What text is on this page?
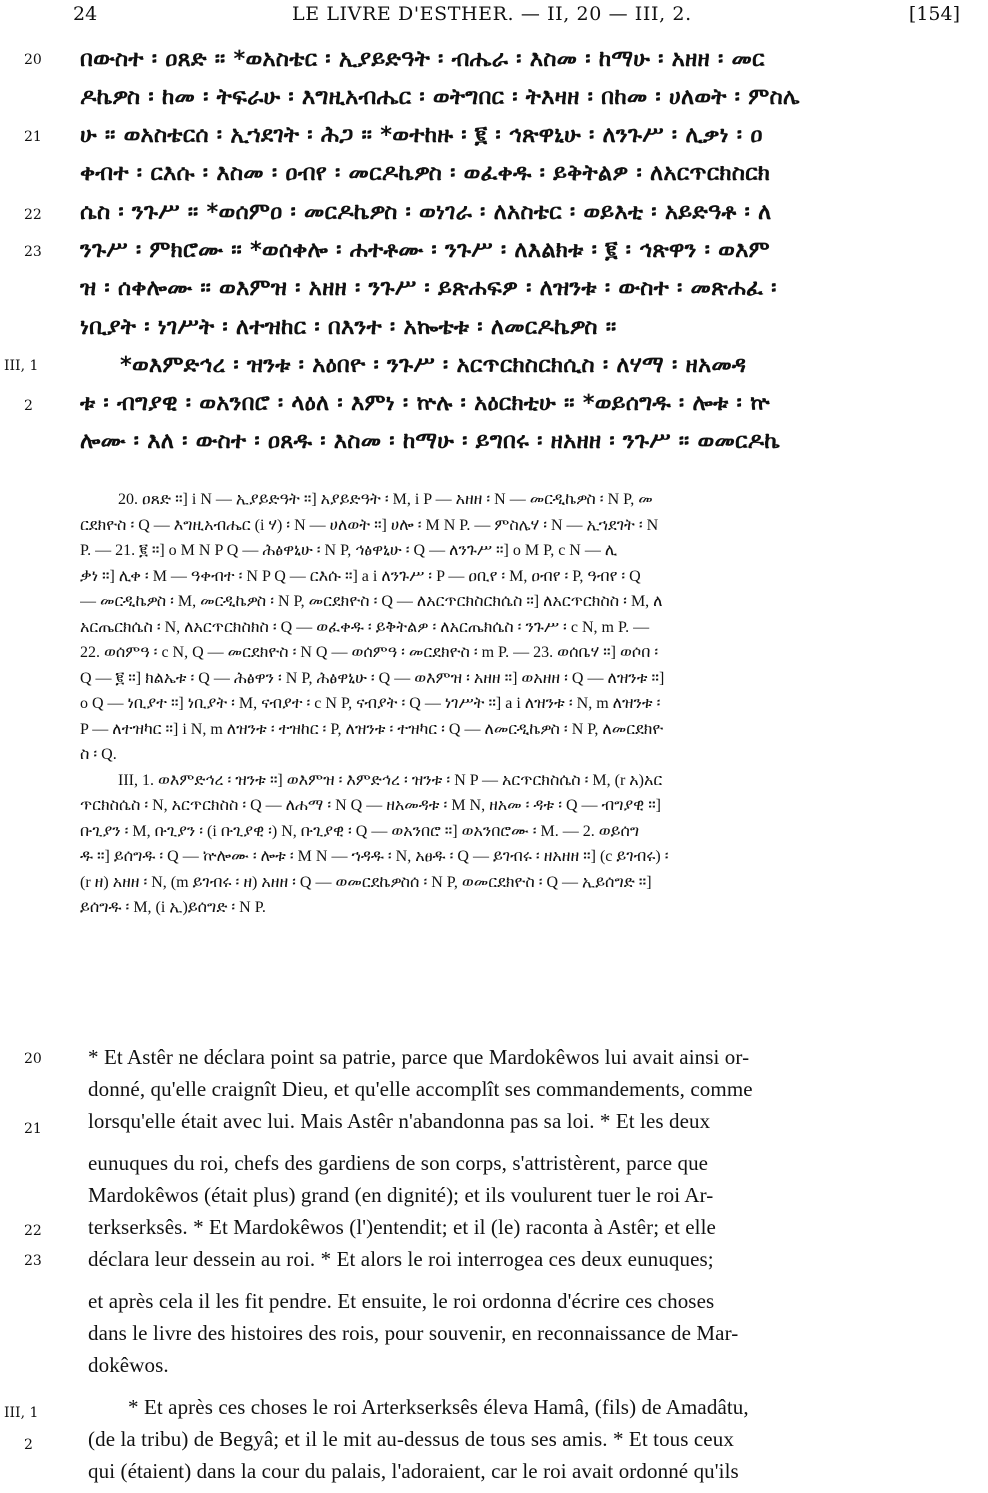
24	LE LIVRE D'ESTHER. — II, 20 — III, 2.	[154]
20
21
22
23
III, 1
2
በውስተ ፡ ዐጸድ ። *ወአስቴር ፡ ኢያይድዓት ፡ ብሔራ ፡ እስመ ፡ ከማሁ ፡ አዘዘ ፡ መር
ዶኬዎስ ፡ ከመ ፡ ትፍራሁ ፡ እግዚአብሔር ፡ ወትግበር ፡ ትእዛዘ ፡ በከመ ፡ ሀለወት ፡ ምስሌ
ሁ ። ወአስቴርሰ ፡ ኢኀደገት ፡ ሕጋ ። *ወተከዙ ፡ ፪ ፡ ኅጽዋኒሁ ፡ ለንጉሥ ፡ ሊቃነ ፡ ዐ
ቀብተ ፡ ርእሱ ፡ እስመ ፡ ዐብየ ፡ መርዶኬዎስ ፡ ወፈቀዱ ፡ ይቅትልዎ ፡ ለአርጥርክስርክ
ሴስ ፡ ንጉሥ ። *ወሰምዐ ፡ መርዶኬዎስ ፡ ወነገራ ፡ ለአስቴር ፡ ወይእቲ ፡ አይድዓቶ ፡ ለ
ንጉሥ ፡ ምክሮሙ ። *ወሰቀሎ ፡ ሐተቶሙ ፡ ንጉሥ ፡ ለእልክቱ ፡ ፪ ፡ ኅጽዋን ፡ ወእም
ዝ ፡ ሰቀሎሙ ። ወእምዝ ፡ አዘዘ ፡ ንጉሥ ፡ ይጽሐፍዎ ፡ ለዝንቱ ፡ ውስተ ፡ መጽሐፈ ፡
ነቢያት ፡ ነገሥት ፡ ለተዝከር ፡ በእንተ ፡ አኰቴቱ ፡ ለመርዶኬዎስ ።
*ወእምድኅረ ፡ ዝንቱ ፡ አዕበዮ ፡ ንጉሥ ፡ አርጥርክስርክሲስ ፡ ለሃማ ፡ ዘአመዳ
ቱ ፡ ብግያዊ ፡ ወአንበሮ ፡ ላዕለ ፡ እምነ ፡ ኵሉ ፡ አዕርክቲሁ ። *ወይሰግዱ ፡ ሎቱ ፡ ኵ
ሎሙ ፡ እለ ፡ ውስተ ፡ ዐጸዱ ፡ እስመ ፡ ከማሁ ፡ ይግበሩ ፡ ዘአዘዘ ፡ ንጉሥ ። ወመርዶኬ

20. ዐጸድ ።] i N — ኢያይድዓት ።] አያይድዓት ፡ M, i P — አዘዘ ፡ N — መርዲኬዎስ ፡ N P, መ

ርደክዮስ ፡ Q — እግዚአብሔር (i ሃ) ፡ N — ሀለወት ።] ሀሎ ፡ M N P. — ምስሌሃ ፡ N — ኢኀደገት ፡ N

P. — 21. ፪ ።] o M N P Q — ሕፅዋኒሁ ፡ N P, ኅፅዋኒሁ ፡ Q — ለንጉሥ ።] o M P, c N — ሊ

ቃነ ።] ሊቀ ፡ M — ዓቀብተ ፡ N P Q — ርእሱ ።] a i ለንጉሥ ፡ P — ዐቢየ ፡ M, ዐብየ ፡ P, ዓብየ ፡ Q

— መርዲኬዎስ ፡ M, መርዲኬዎስ ፡ N P, መርደክዮስ ፡ Q — ለአርጥርክስርክሴስ ።] ለአርጥርክስስ ፡ M, ለ

አርጤርክሴስ ፡ N, ለአርጥርክስክስ ፡ Q — ወፈቀዱ ፡ ይቅትልዎ ፡ ለአርጤክሴስ ፡ ንጉሥ ፡ c N, m P. —

22. ወሰምዓ ፡ c N, Q — መርደክዮስ ፡ N Q — ወሰምዓ ፡ መርደክዮስ ፡ m P. — 23. ወሰቤሃ ።] ወሶበ ፡

Q — ፪ ።] ክልኤቱ ፡ Q — ሕፅዋን ፡ N P, ሕፅዋኒሁ ፡ Q — ወእምዝ ፡ አዘዘ ።] ወአዘዘ ፡ Q — ለዝንቱ ።]

o Q — ነቢያተ ።] ነቢያት ፡ M, ናብያተ ፡ c N P, ናብያት ፡ Q — ነገሥት ።] a i ለዝንቱ ፡ N, m ለዝንቱ ፡

P — ለተዝካር ።] i N, m ለዝንቱ ፡ ተዝከር ፡ P, ለዝንቱ ፡ ተዝካር ፡ Q — ለመርዲኬዎስ ፡ N P, ለመርደክዮ

ስ ፡ Q.

III, 1. ወእምድኅረ ፡ ዝንቱ ።] ወእምዝ ፡ እምድኅረ ፡ ዝንቱ ፡ N P — አርጥርክስሴስ ፡ M, (r አ)አር

ጥርክስሴስ ፡ N, አርጥርክስስ ፡ Q — ለሐማ ፡ N Q — ዘአመዳቱ ፡ M N, ዘአመ ፡ ዳቱ ፡ Q — ብግያዊ ።]

ቡጊያን ፡ M, ቡጊያን ፡ (i ቡጊያዊ ፡) N, ቡጊያዊ ፡ Q — ወአንበሮ ።] ወአንበሮሙ ፡ M. — 2. ወይሰግ

ዱ ።] ይሰግዱ ፡ Q — ኵሎሙ ፡ ሎቱ ፡ M N — ኀዳዱ ፡ N, አፀዱ ፡ Q — ይገብሩ ፡ ዘአዘዘ ።] (c ይገብሩ) ፡

(r ዘ) አዘዘ ፡ N, (m ይገብሩ ፡ ዘ) አዘዘ ፡ Q — ወመርደኬዎስሰ ፡ N P, ወመርደክዮስ ፡ Q — ኢይሰግድ ።]

ይሰግዱ ፡ M, (i ኢ)ይሰግድ ፡ N P.

20
21
22
23
III, 1
2
* Et Astêr ne déclara point sa patrie, parce que Mardokêwos lui avait ainsi or-
donné, qu'elle craignît Dieu, et qu'elle accomplît ses commandements, comme
lorsqu'elle était avec lui. Mais Astêr n'abandonna pas sa loi. * Et les deux
eunuques du roi, chefs des gardiens de son corps, s'attristèrent, parce que
Mardokêwos (était plus) grand (en dignité); et ils voulurent tuer le roi Ar-
terkserksês. * Et Mardokêwos (l')entendit; et il (le) raconta à Astêr; et elle
déclara leur dessein au roi. * Et alors le roi interrogea ces deux eunuques;
et après cela il les fit pendre. Et ensuite, le roi ordonna d'écrire ces choses
dans le livre des histoires des rois, pour souvenir, en reconnaissance de Mar-
dokêwos.
* Et après ces choses le roi Arterkserksês éleva Hamâ, (fils) de Amadâtu,
(de la tribu) de Begyâ; et il le mit au-dessus de tous ses amis. * Et tous ceux
qui (étaient) dans la cour du palais, l'adoraient, car le roi avait ordonné qu'ils
